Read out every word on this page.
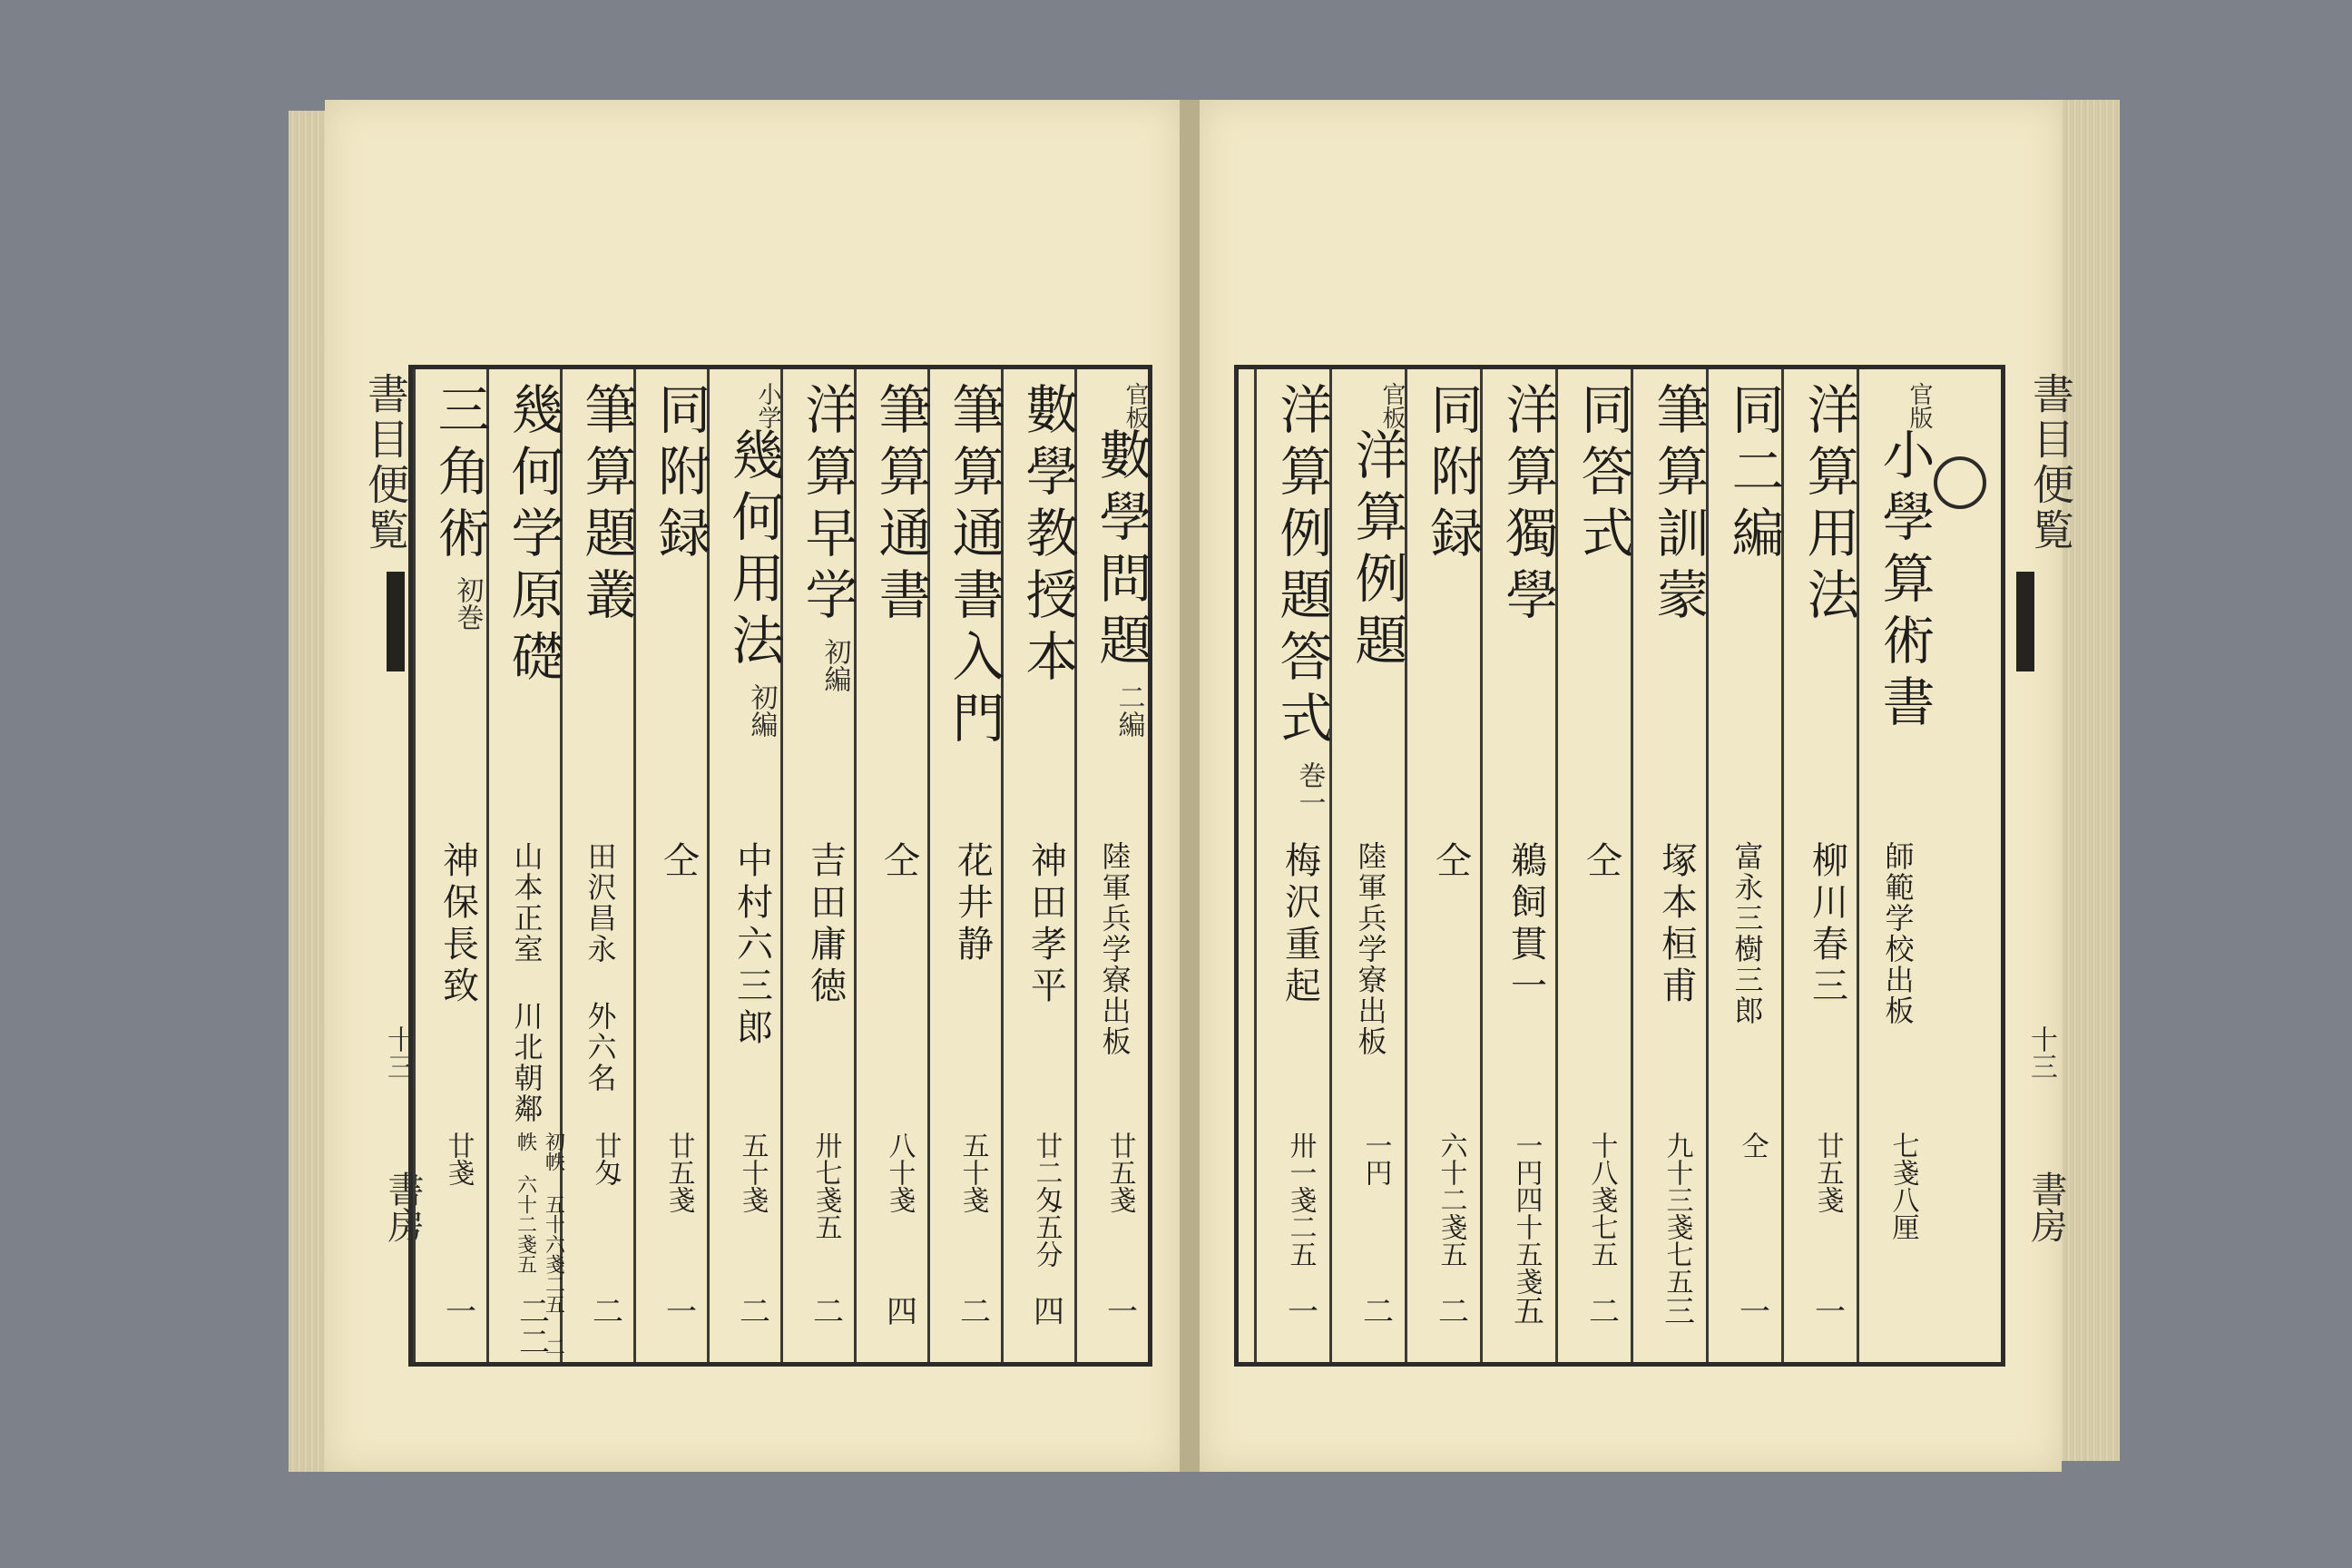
書目便覧
十三
書房
官板
數學問題
二編
陸軍兵学寮出板
廿五戔
一
數學教授本
神田孝平
廿二匁五分
四
筆算通書入門
花井静
五十戔
二
筆算通書
仝
八十戔
四
洋算早学
初編
吉田庸徳
卅七戔五
二
小学
幾何用法
初編
中村六三郎
五十戔
二
同附録
仝
廿五戔
一
筆算題叢
田沢昌永 外六名
廿匁
二
幾何学原礎
山本正室 川北朝鄰
初帙 五十六戔二五 二帙 六十二戔五
二二
三角術
初巻
神保長致
廿戔
一
官版
小學算術書
師範学校出板
七戔八厘
洋算用法
柳川春三
廿五戔
一
同二編
富永三樹三郎
仝
一
筆算訓蒙
塚本桓甫
九十三戔七五
三
同答式
仝
十八戔七五
二
洋算獨學
鵜飼貫一
一円四十五戔
五
同附録
仝
六十二戔五
二
官板
洋算例題
陸軍兵学寮出板
一円
二
洋算例題答式
巻一
梅沢重起
卅一戔二五
一
書目便覧
十三
書房
